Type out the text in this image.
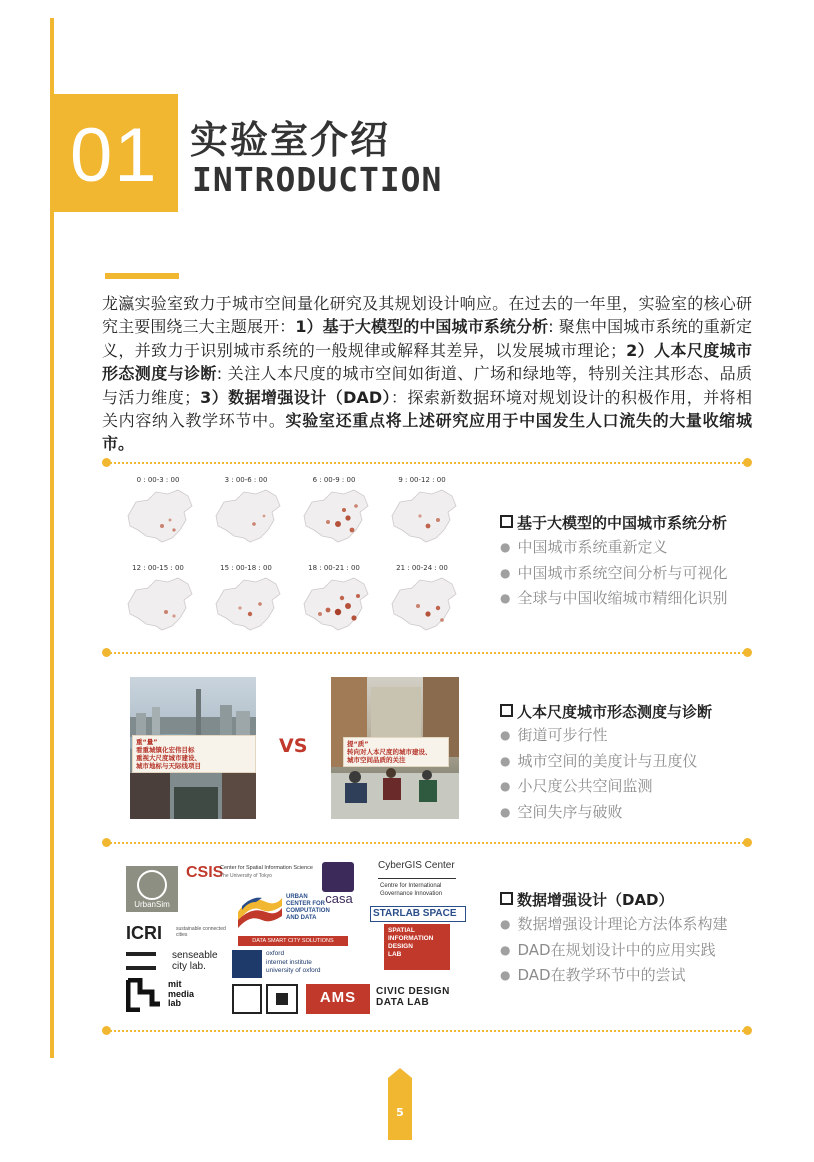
01 实验室介绍
INTRODUCTION
龙瀛实验室致力于城市空间量化研究及其规划设计响应。在过去的一年里，实验室的核心研究主要围绕三大主题展开：1）基于大模型的中国城市系统分析: 聚焦中国城市系统的重新定义，并致力于识别城市系统的一般规律或解释其差异，以发展城市理论；2）人本尺度城市形态测度与诊断: 关注人本尺度的城市空间如街道、广场和绿地等，特别关注其形态、品质与活力维度；3）数据增强设计（DAD）：探索新数据环境对规划设计的积极作用，并将相关内容纳入教学环节中。实验室还重点将上述研究应用于中国发生人口流失的大量收缩城市。
0 : 00-3 : 00	3 : 00-6 : 00	6 : 00-9 : 00	9 : 00-12 : 00
12 : 00-15 : 00	15 : 00-18 : 00	18 : 00-21 : 00	21 : 00-24 : 00
基于大模型的中国城市系统分析
● 中国城市系统重新定义
● 中国城市系统空间分析与可视化
● 全球与中国收缩城市精细化识别
重“量”
看重城镇化宏伟目标
重视大尺度城市建设、
城市地标与天际线项目
VS	提“质”
转向对人本尺度的城市建设、
城市空间品质的关注
人本尺度城市形态测度与诊断
● 街道可步行性
● 城市空间的美度计与丑度仪
● 小尺度公共空间监测
● 空间失序与破败
UrbanSim
CSIS
Center for Spatial Information Science
The University of Tokyo
casa
CyberGIS Center
Centre for International
Governance Innovation
URBAN
CENTER FOR
COMPUTATION
AND DATA	STARLAB SPACE
ICRI	sustainable connected cities
DATA SMART CITY SOLUTIONS
SPATIAL
INFORMATION
DESIGN
LAB
senseable
city lab.
oxford
internet institute
university of oxford
mit
media
lab	AMS	CIVIC DESIGN
DATA LAB
数据增强设计（DAD）
● 数据增强设计理论方法体系构建
● DAD在规划设计中的应用实践
● DAD在教学环节中的尝试
5
